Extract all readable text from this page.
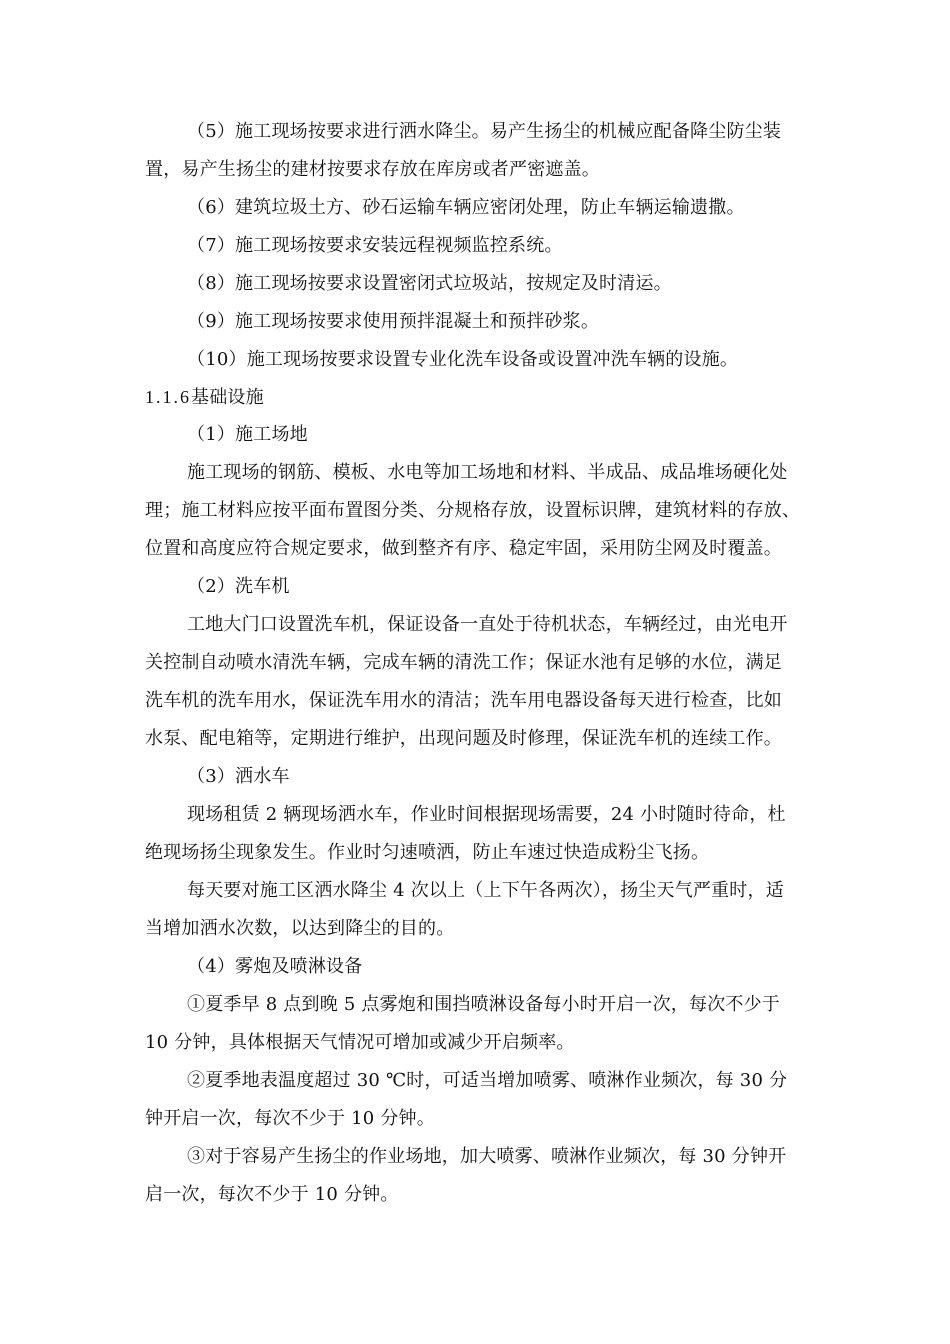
（5）施工现场按要求进行洒水降尘。易产生扬尘的机械应配备降尘防尘装

置，易产生扬尘的建材按要求存放在库房或者严密遮盖。

（6）建筑垃圾土方、砂石运输车辆应密闭处理，防止车辆运输遗撒。

（7）施工现场按要求安装远程视频监控系统。

（8）施工现场按要求设置密闭式垃圾站，按规定及时清运。

（9）施工现场按要求使用预拌混凝土和预拌砂浆。

（10）施工现场按要求设置专业化洗车设备或设置冲洗车辆的设施。

1.1.6基础设施

（1）施工场地

施工现场的钢筋、模板、水电等加工场地和材料、半成品、成品堆场硬化处

理；施工材料应按平面布置图分类、分规格存放，设置标识牌，建筑材料的存放、

位置和高度应符合规定要求，做到整齐有序、稳定牢固，采用防尘网及时覆盖。

（2）洗车机

工地大门口设置洗车机，保证设备一直处于待机状态，车辆经过，由光电开

关控制自动喷水清洗车辆，完成车辆的清洗工作；保证水池有足够的水位，满足

洗车机的洗车用水，保证洗车用水的清洁；洗车用电器设备每天进行检查，比如

水泵、配电箱等，定期进行维护，出现问题及时修理，保证洗车机的连续工作。

（3）洒水车

现场租赁 2 辆现场洒水车，作业时间根据现场需要，24 小时随时待命，杜

绝现场扬尘现象发生。作业时匀速喷洒，防止车速过快造成粉尘飞扬。

每天要对施工区洒水降尘 4 次以上（上下午各两次），扬尘天气严重时，适

当增加洒水次数，以达到降尘的目的。

（4）雾炮及喷淋设备

①夏季早 8 点到晚 5 点雾炮和围挡喷淋设备每小时开启一次，每次不少于

10 分钟，具体根据天气情况可增加或减少开启频率。

②夏季地表温度超过 30 ℃时，可适当增加喷雾、喷淋作业频次，每 30 分

钟开启一次，每次不少于 10 分钟。

③对于容易产生扬尘的作业场地，加大喷雾、喷淋作业频次，每 30 分钟开

启一次，每次不少于 10 分钟。
